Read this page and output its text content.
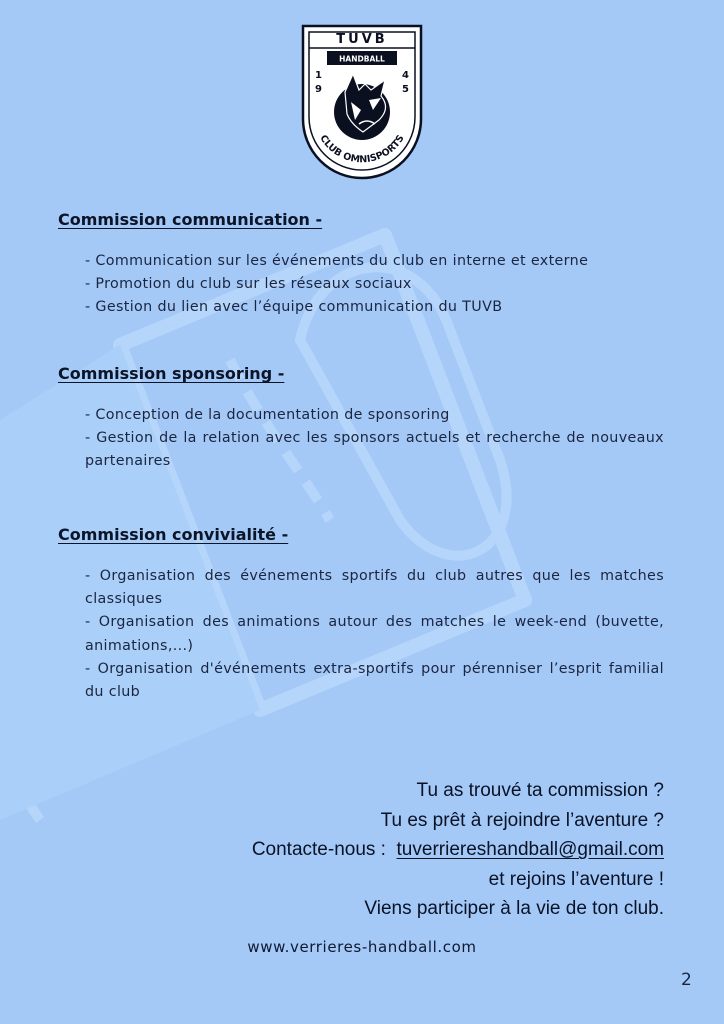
TUVB
HANDBALL
1
9
4
5
CLUB OMNISPORTS
Commission communication -
- Communication sur les événements du club en interne et externe
- Promotion du club sur les réseaux sociaux
- Gestion du lien avec l’équipe communication du TUVB
Commission sponsoring -
- Conception de la documentation de sponsoring
- Gestion de la relation avec les sponsors actuels et recherche de nouveaux partenaires
Commission convivialité -
- Organisation des événements sportifs du club autres que les matches classiques
- Organisation des animations autour des matches le week-end (buvette, animations,...)
- Organisation d'événements extra-sportifs pour pérenniser l’esprit familial du club
Tu as trouvé ta commission ?
Tu es prêt à rejoindre l’aventure ?
Contacte-nous : tuverriereshandball@gmail.com
et rejoins l’aventure !
Viens participer à la vie de ton club.
www.verrieres-handball.com
2
